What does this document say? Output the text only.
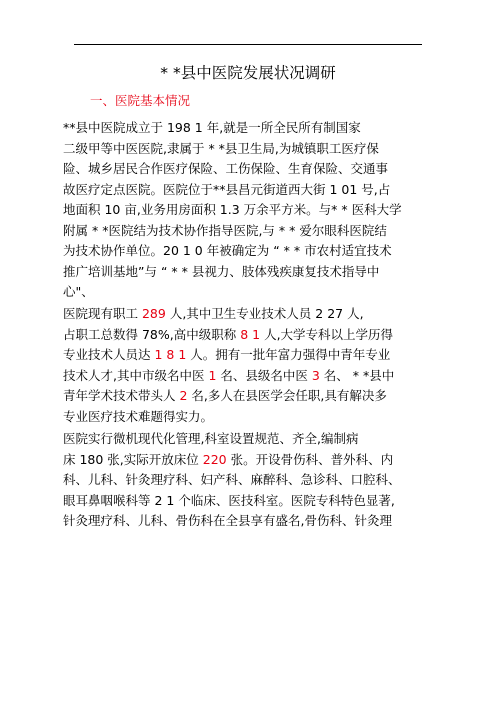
* *县中医院发展状况调研
一、医院基本情况
**县中医院成立于 198 1 年,就是一所全民所有制国家
二级甲等中医医院,隶属于 * *县卫生局,为城镇职工医疗保
险、城乡居民合作医疗保险、工伤保险、生育保险、交通事
故医疗定点医院。医院位于**县昌元街道西大街 1 01 号,占
地面积 10 亩,业务用房面积 1.3 万余平方米。与* * 医科大学
附属 * *医院结为技术协作指导医院,与 * * 爱尔眼科医院结
为技术协作单位。20 1 0 年被确定为 “ * * 市农村适宜技术
推广培训基地”与 “ * * 县视力、肢体残疾康复技术指导中
心"、
医院现有职工 289 人,其中卫生专业技术人员 2 27 人,
占职工总数得 78%,高中级职称 8 1 人,大学专科以上学历得
专业技术人员达 1 8 1 人。拥有一批年富力强得中青年专业
技术人才,其中市级名中医 1 名、县级名中医 3 名、 * *县中
青年学术技术带头人 2 名,多人在县医学会任职,具有解决多
专业医疗技术难题得实力。
医院实行微机现代化管理,科室设置规范、齐全,编制病
床 180 张,实际开放床位 220 张。开设骨伤科、普外科、内
科、儿科、针灸理疗科、妇产科、麻醉科、急诊科、口腔科、
眼耳鼻咽喉科等 2 1 个临床、医技科室。医院专科特色显著,
针灸理疗科、儿科、骨伤科在全县享有盛名,骨伤科、针灸理
